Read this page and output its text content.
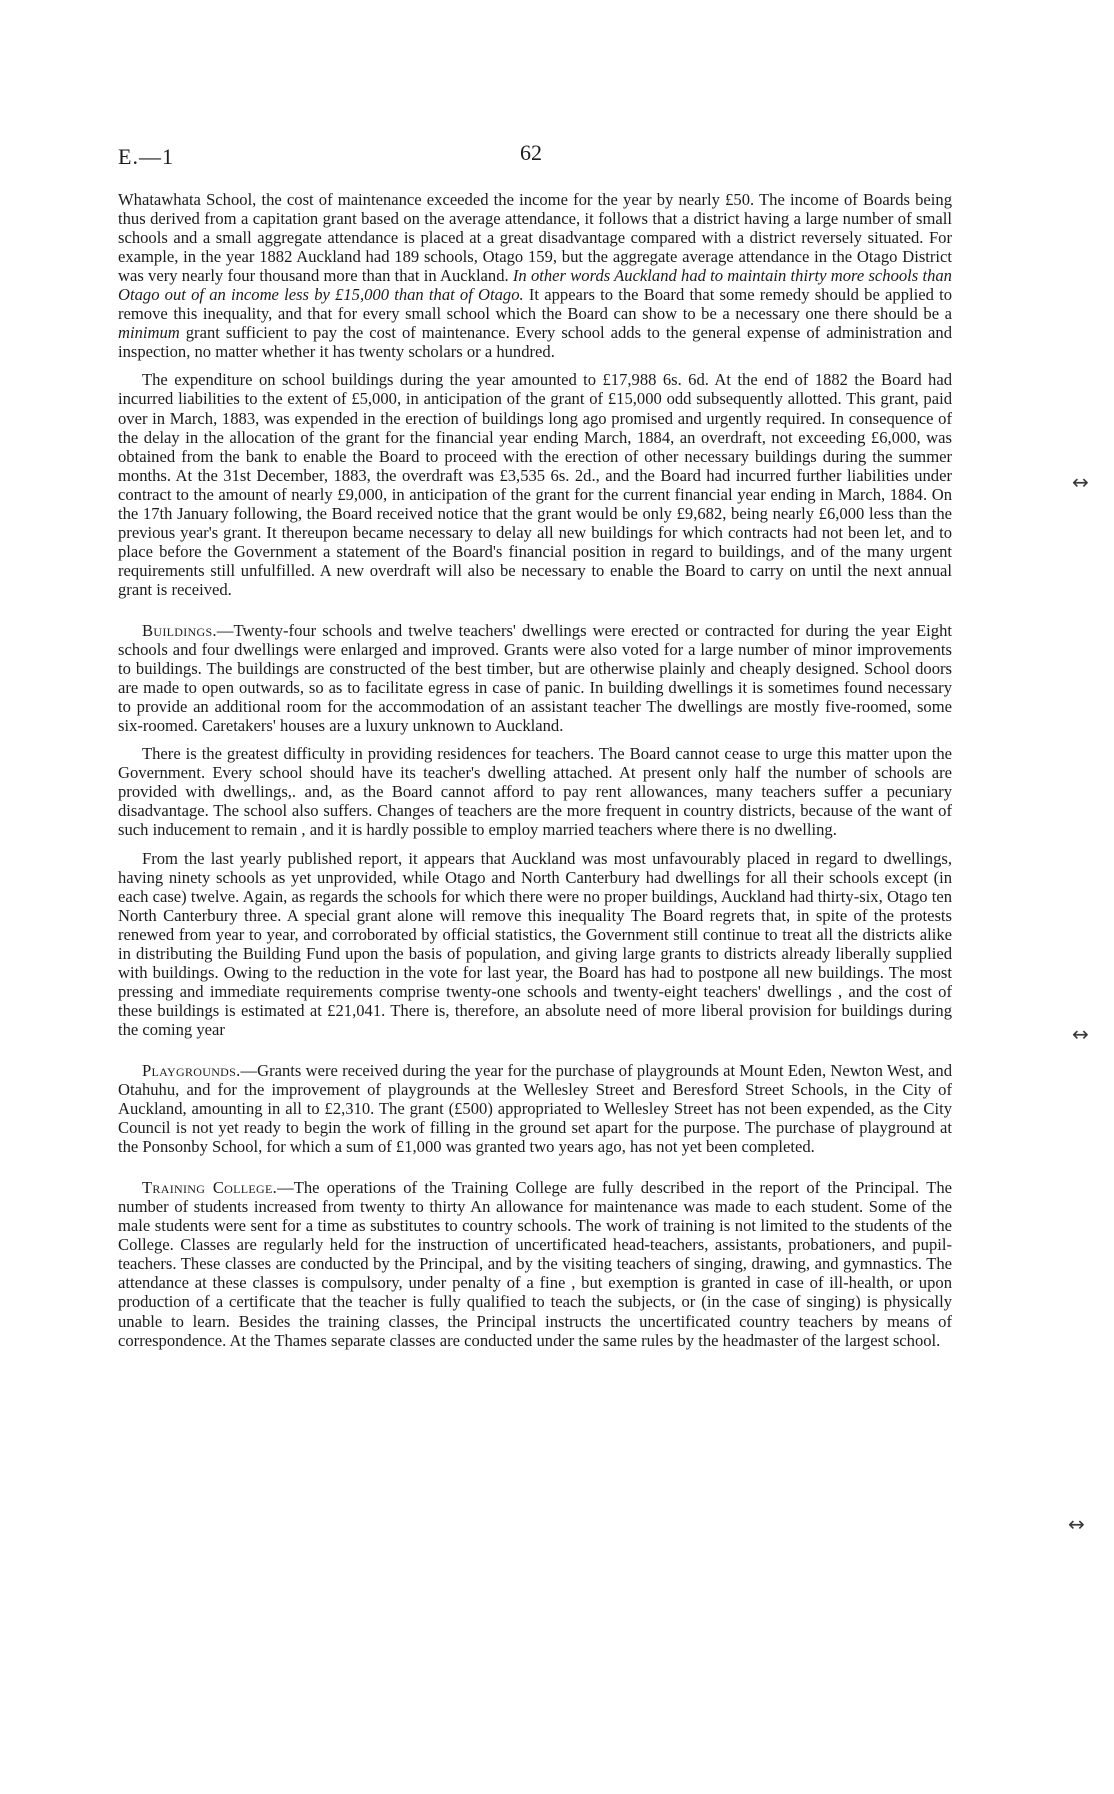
E.—1	62
↔
↔
↔

Whatawhata School, the cost of maintenance exceeded the income for the year by nearly £50. The income of Boards being thus derived from a capitation grant based on the average attendance, it follows that a district having a large number of small schools and a small aggregate attendance is placed at a great disadvantage compared with a district reversely situated. For example, in the year 1882 Auckland had 189 schools, Otago 159, but the aggregate average attendance in the Otago District was very nearly four thousand more than that in Auckland. In other words Auckland had to maintain thirty more schools than Otago out of an income less by £15,000 than that of Otago. It appears to the Board that some remedy should be applied to remove this inequality, and that for every small school which the Board can show to be a necessary one there should be a minimum grant sufficient to pay the cost of maintenance. Every school adds to the general expense of administration and inspection, no matter whether it has twenty scholars or a hundred.

The expenditure on school buildings during the year amounted to £17,988 6s. 6d. At the end of 1882 the Board had incurred liabilities to the extent of £5,000, in anticipation of the grant of £15,000 odd subsequently allotted. This grant, paid over in March, 1883, was expended in the erection of buildings long ago promised and urgently required. In consequence of the delay in the allocation of the grant for the financial year ending March, 1884, an overdraft, not exceeding £6,000, was obtained from the bank to enable the Board to proceed with the erection of other necessary buildings during the summer months. At the 31st December, 1883, the overdraft was £3,535 6s. 2d., and the Board had incurred further liabilities under contract to the amount of nearly £9,000, in anticipation of the grant for the current financial year ending in March, 1884. On the 17th January following, the Board received notice that the grant would be only £9,682, being nearly £6,000 less than the previous year's grant. It thereupon became necessary to delay all new buildings for which contracts had not been let, and to place before the Government a statement of the Board's financial position in regard to buildings, and of the many urgent requirements still unfulfilled. A new overdraft will also be necessary to enable the Board to carry on until the next annual grant is received.

Buildings.—Twenty-four schools and twelve teachers' dwellings were erected or contracted for during the year Eight schools and four dwellings were enlarged and improved. Grants were also voted for a large number of minor improvements to buildings. The buildings are constructed of the best timber, but are otherwise plainly and cheaply designed. School doors are made to open outwards, so as to facilitate egress in case of panic. In building dwellings it is sometimes found necessary to provide an additional room for the accommodation of an assistant teacher The dwellings are mostly five-roomed, some six-roomed. Caretakers' houses are a luxury unknown to Auckland.

There is the greatest difficulty in providing residences for teachers. The Board cannot cease to urge this matter upon the Government. Every school should have its teacher's dwelling attached. At present only half the number of schools are provided with dwellings,. and, as the Board cannot afford to pay rent allowances, many teachers suffer a pecuniary disadvantage. The school also suffers. Changes of teachers are the more frequent in country districts, because of the want of such inducement to remain , and it is hardly possible to employ married teachers where there is no dwelling.

From the last yearly published report, it appears that Auckland was most unfavourably placed in regard to dwellings, having ninety schools as yet unprovided, while Otago and North Canterbury had dwellings for all their schools except (in each case) twelve. Again, as regards the schools for which there were no proper buildings, Auckland had thirty-six, Otago ten North Canterbury three. A special grant alone will remove this inequality The Board regrets that, in spite of the protests renewed from year to year, and corroborated by official statistics, the Government still continue to treat all the districts alike in distributing the Building Fund upon the basis of population, and giving large grants to districts already liberally supplied with buildings. Owing to the reduction in the vote for last year, the Board has had to postpone all new buildings. The most pressing and immediate requirements comprise twenty-one schools and twenty-eight teachers' dwellings , and the cost of these buildings is estimated at £21,041. There is, therefore, an absolute need of more liberal provision for buildings during the coming year

Playgrounds.—Grants were received during the year for the purchase of playgrounds at Mount Eden, Newton West, and Otahuhu, and for the improvement of playgrounds at the Wellesley Street and Beresford Street Schools, in the City of Auckland, amounting in all to £2,310. The grant (£500) appropriated to Wellesley Street has not been expended, as the City Council is not yet ready to begin the work of filling in the ground set apart for the purpose. The purchase of playground at the Ponsonby School, for which a sum of £1,000 was granted two years ago, has not yet been completed.

Training College.—The operations of the Training College are fully described in the report of the Principal. The number of students increased from twenty to thirty An allowance for maintenance was made to each student. Some of the male students were sent for a time as substitutes to country schools. The work of training is not limited to the students of the College. Classes are regularly held for the instruction of uncertificated head-teachers, assistants, probationers, and pupil-teachers. These classes are conducted by the Principal, and by the visiting teachers of singing, drawing, and gymnastics. The attendance at these classes is compulsory, under penalty of a fine , but exemption is granted in case of ill-health, or upon production of a certificate that the teacher is fully qualified to teach the subjects, or (in the case of singing) is physically unable to learn. Besides the training classes, the Principal instructs the uncertificated country teachers by means of correspondence. At the Thames separate classes are conducted under the same rules by the headmaster of the largest school.
